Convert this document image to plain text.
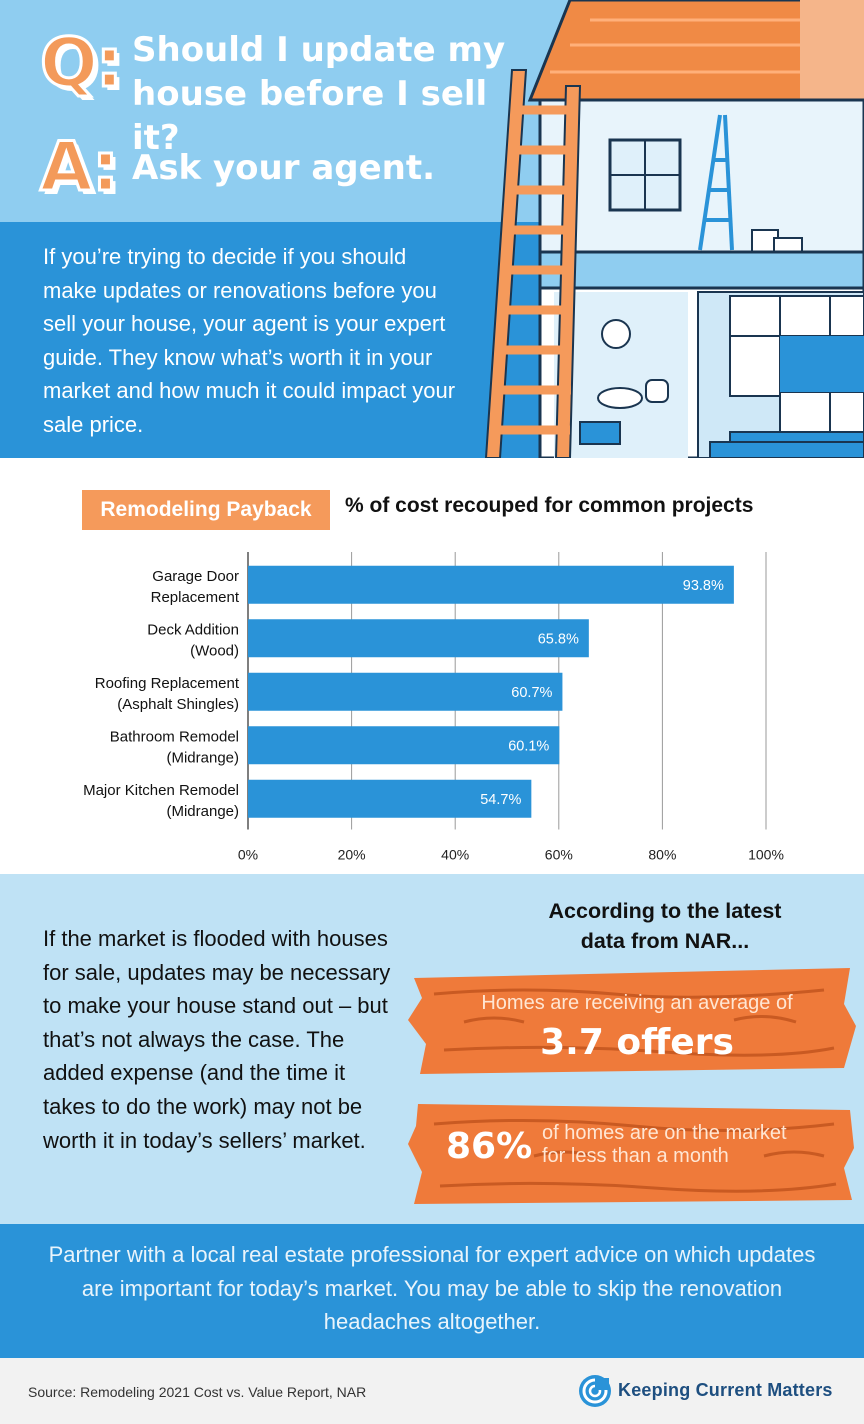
Q: Should I update my house before I sell it?
A: Ask your agent.
If you’re trying to decide if you should make updates or renovations before you sell your house, your agent is your expert guide. They know what’s worth it in your market and how much it could impact your sale price.
Remodeling Payback	% of cost recouped for common projects
0%	20%	40%	60%	80%	100%
93.8%
Garage Door
Replacement
65.8%
Deck Addition
(Wood)
60.7%
Roofing Replacement
(Asphalt Shingles)
60.1%
Bathroom Remodel
(Midrange)
54.7%
Major Kitchen Remodel
(Midrange)
If the market is flooded with houses for sale, updates may be necessary to make your house stand out – but that’s not always the case. The added expense (and the time it takes to do the work) may not be worth it in today’s sellers’ market.
According to the latest
data from NAR...
Homes are receiving an average of
3.7 offers
86% of homes are on the market
for less than a month
Partner with a local real estate professional for expert advice on which updates are important for today’s market. You may be able to skip the renovation headaches altogether.
Source: Remodeling 2021 Cost vs. Value Report, NAR	Keeping Current Matters
